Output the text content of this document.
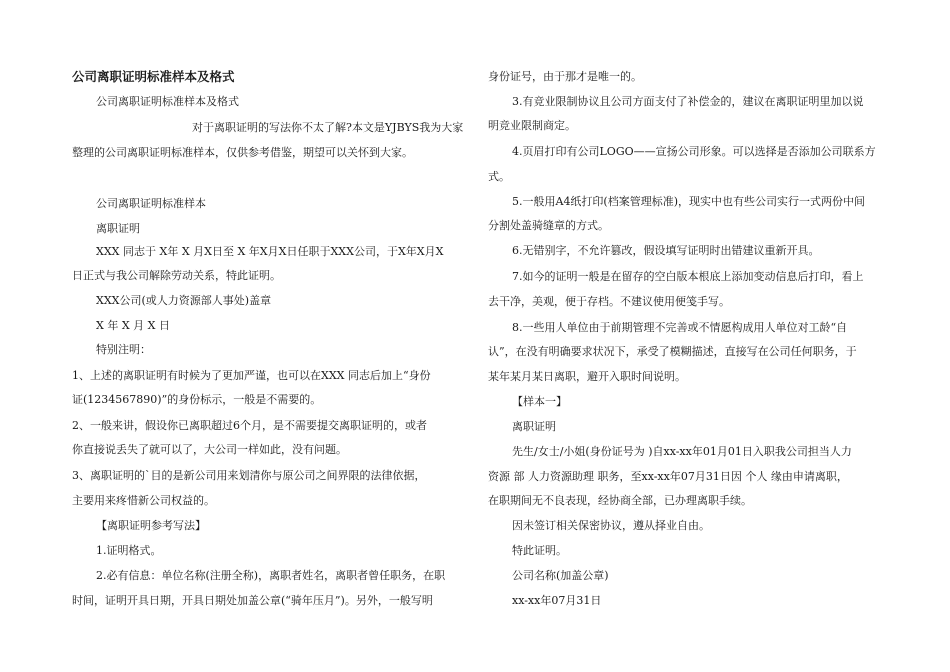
公司离职证明标准样本及格式
公司离职证明标准样本及格式
对于离职证明的写法你不太了解?本文是YJBYS我为大家
整理的公司离职证明标准样本，仅供参考借鉴，期望可以关怀到大家。
公司离职证明标准样本
离职证明
XXX 同志于 X年 X 月X日至 X 年X月X日任职于XXX公司，于X年X月X
日正式与我公司解除劳动关系，特此证明。
XXX公司(或人力资源部人事处)盖章
X 年 X 月 X 日
特别注明：
1、上述的离职证明有时候为了更加严谨，也可以在XXX 同志后加上“身份
证(1234567890)”的身份标示，一般是不需要的。
2、一般来讲，假设你已离职超过6个月，是不需要提交离职证明的，或者
你直接说丢失了就可以了，大公司一样如此，没有问题。
3、离职证明的`目的是新公司用来划清你与原公司之间界限的法律依据，
主要用来疼惜新公司权益的。
【离职证明参考写法】
1.证明格式。
2.必有信息：单位名称(注册全称)，离职者姓名，离职者曾任职务，在职
时间，证明开具日期，开具日期处加盖公章(“骑年压月”)。另外，一般写明
身份证号，由于那才是唯一的。
3.有竞业限制协议且公司方面支付了补偿金的，建议在离职证明里加以说
明竞业限制商定。
4.页眉打印有公司LOGO——宣扬公司形象。可以选择是否添加公司联系方
式。
5.一般用A4纸打印(档案管理标准)，现实中也有些公司实行一式两份中间
分割处盖骑缝章的方式。
6.无错别字，不允许篡改，假设填写证明时出错建议重新开具。
7.如今的证明一般是在留存的空白版本根底上添加变动信息后打印，看上
去干净，美观，便于存档。不建议使用便笺手写。
8.一些用人单位由于前期管理不完善或不情愿构成用人单位对工龄“自
认”，在没有明确要求状况下，承受了模糊描述，直接写在公司任何职务，于
某年某月某日离职，避开入职时间说明。
【样本一】
离职证明
先生/女士/小姐(身份证号为 )自xx-xx年01月01日入职我公司担当人力
资源 部 人力资源助理 职务，至xx-xx年07月31日因 个人 缘由申请离职，
在职期间无不良表现，经协商全部，已办理离职手续。
因未签订相关保密协议，遵从择业自由。
特此证明。
公司名称(加盖公章)
xx-xx年07月31日
